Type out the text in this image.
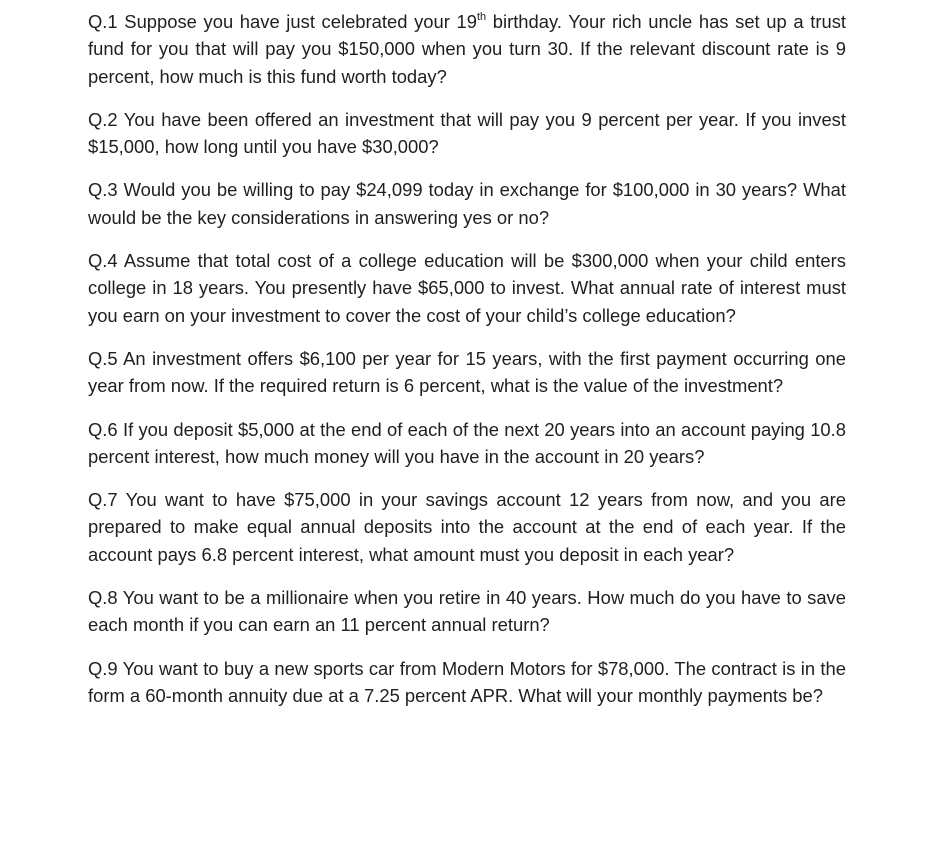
Q.1 Suppose you have just celebrated your 19th birthday. Your rich uncle has set up a trust fund for you that will pay you $150,000 when you turn 30. If the relevant discount rate is 9 percent, how much is this fund worth today?

Q.2 You have been offered an investment that will pay you 9 percent per year. If you invest $15,000, how long until you have $30,000?

Q.3 Would you be willing to pay $24,099 today in exchange for $100,000 in 30 years? What would be the key considerations in answering yes or no?

Q.4 Assume that total cost of a college education will be $300,000 when your child enters college in 18 years. You presently have $65,000 to invest. What annual rate of interest must you earn on your investment to cover the cost of your child’s college education?

Q.5 An investment offers $6,100 per year for 15 years, with the first payment occurring one year from now. If the required return is 6 percent, what is the value of the investment?

Q.6 If you deposit $5,000 at the end of each of the next 20 years into an account paying 10.8 percent interest, how much money will you have in the account in 20 years?

Q.7 You want to have $75,000 in your savings account 12 years from now, and you are prepared to make equal annual deposits into the account at the end of each year. If the account pays 6.8 percent interest, what amount must you deposit in each year?

Q.8 You want to be a millionaire when you retire in 40 years. How much do you have to save each month if you can earn an 11 percent annual return?

Q.9 You want to buy a new sports car from Modern Motors for $78,000. The contract is in the form a 60-month annuity due at a 7.25 percent APR. What will your monthly payments be?
